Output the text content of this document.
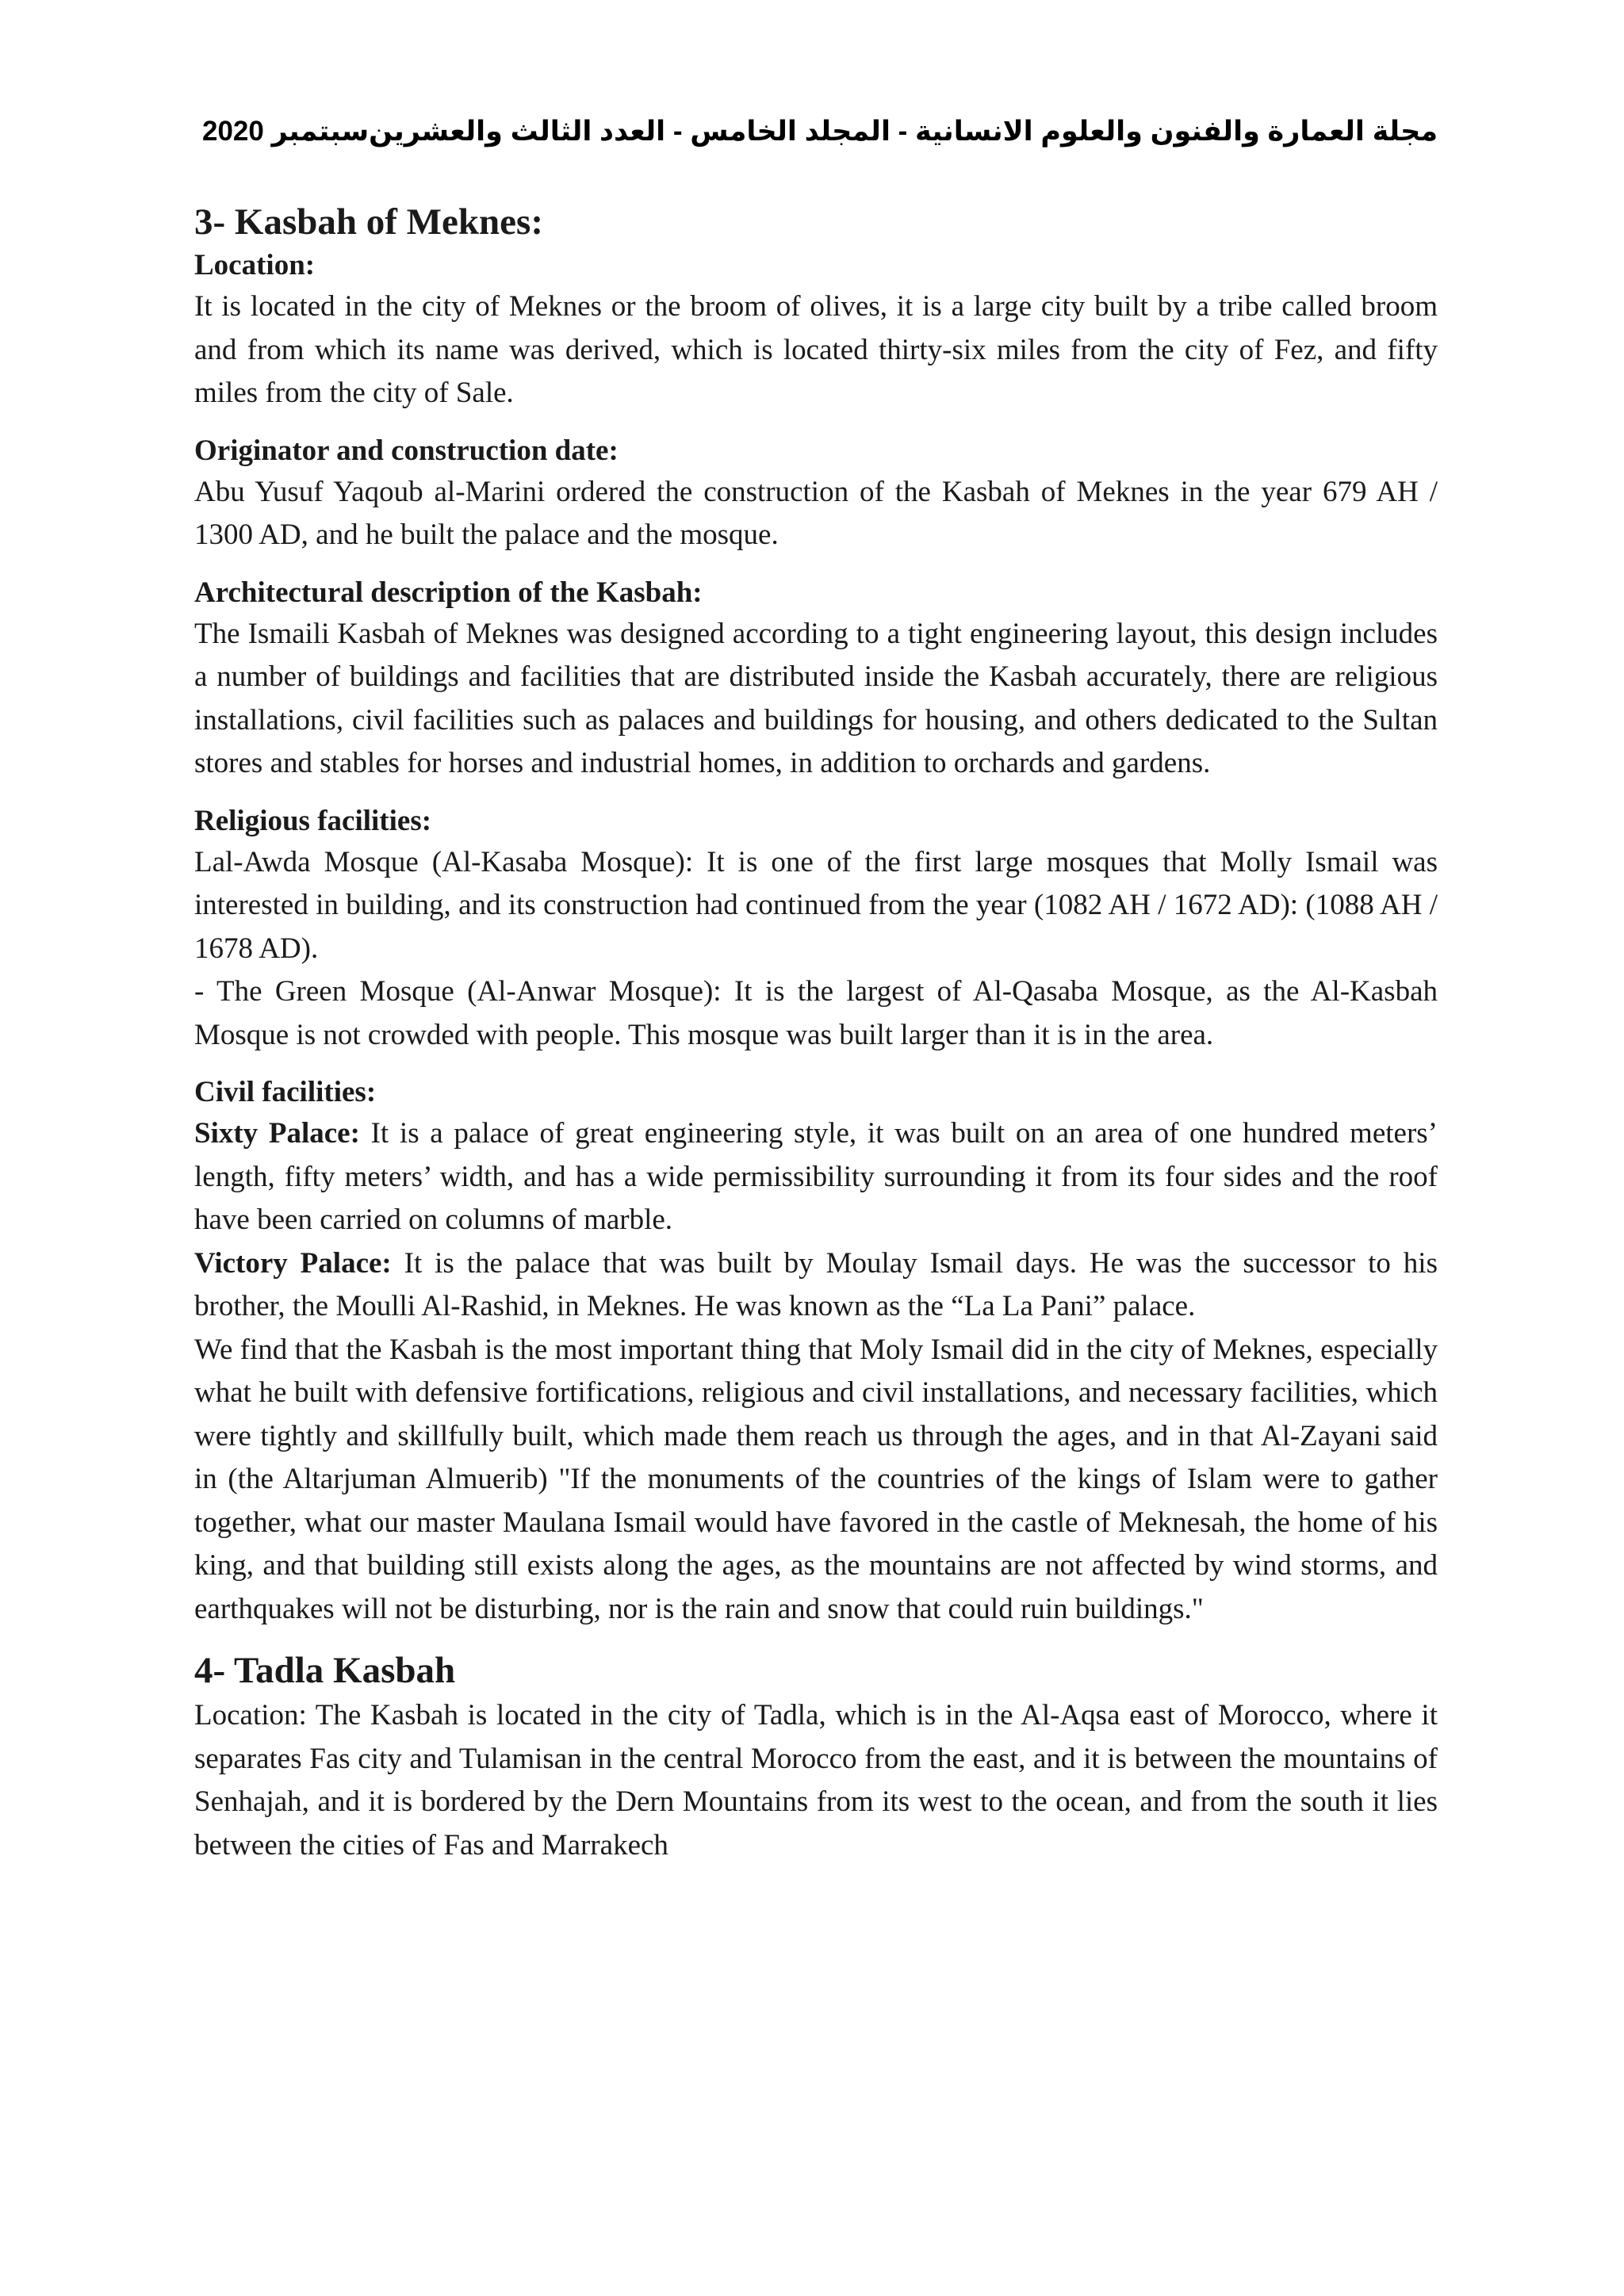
سبتمبر 2020 مجلة العمارة والفنون والعلوم الانسانية - المجلد الخامس - العدد الثالث والعشرين
3- Kasbah of Meknes:
Location:

It is located in the city of Meknes or the broom of olives, it is a large city built by a tribe called broom and from which its name was derived, which is located thirty-six miles from the city of Fez, and fifty miles from the city of Sale.

Originator and construction date:

Abu Yusuf Yaqoub al-Marini ordered the construction of the Kasbah of Meknes in the year 679 AH / 1300 AD, and he built the palace and the mosque.

Architectural description of the Kasbah:

The Ismaili Kasbah of Meknes was designed according to a tight engineering layout, this design includes a number of buildings and facilities that are distributed inside the Kasbah accurately, there are religious installations, civil facilities such as palaces and buildings for housing, and others dedicated to the Sultan stores and stables for horses and industrial homes, in addition to orchards and gardens.

Religious facilities:

Lal-Awda Mosque (Al-Kasaba Mosque): It is one of the first large mosques that Molly Ismail was interested in building, and its construction had continued from the year (1082 AH / 1672 AD): (1088 AH / 1678 AD).

- The Green Mosque (Al-Anwar Mosque): It is the largest of Al-Qasaba Mosque, as the Al-Kasbah Mosque is not crowded with people. This mosque was built larger than it is in the area.

Civil facilities:

Sixty Palace: It is a palace of great engineering style, it was built on an area of one hundred meters’ length, fifty meters’ width, and has a wide permissibility surrounding it from its four sides and the roof have been carried on columns of marble.

Victory Palace: It is the palace that was built by Moulay Ismail days. He was the successor to his brother, the Moulli Al-Rashid, in Meknes. He was known as the “La La Pani” palace.

We find that the Kasbah is the most important thing that Moly Ismail did in the city of Meknes, especially what he built with defensive fortifications, religious and civil installations, and necessary facilities, which were tightly and skillfully built, which made them reach us through the ages, and in that Al-Zayani said in (the Altarjuman Almuerib) "If the monuments of the countries of the kings of Islam were to gather together, what our master Maulana Ismail would have favored in the castle of Meknesah, the home of his king, and that building still exists along the ages, as the mountains are not affected by wind storms, and earthquakes will not be disturbing, nor is the rain and snow that could ruin buildings."

4- Tadla Kasbah

Location: The Kasbah is located in the city of Tadla, which is in the Al-Aqsa east of Morocco, where it separates Fas city and Tulamisan in the central Morocco from the east, and it is between the mountains of Senhajah, and it is bordered by the Dern Mountains from its west to the ocean, and from the south it lies between the cities of Fas and Marrakech
